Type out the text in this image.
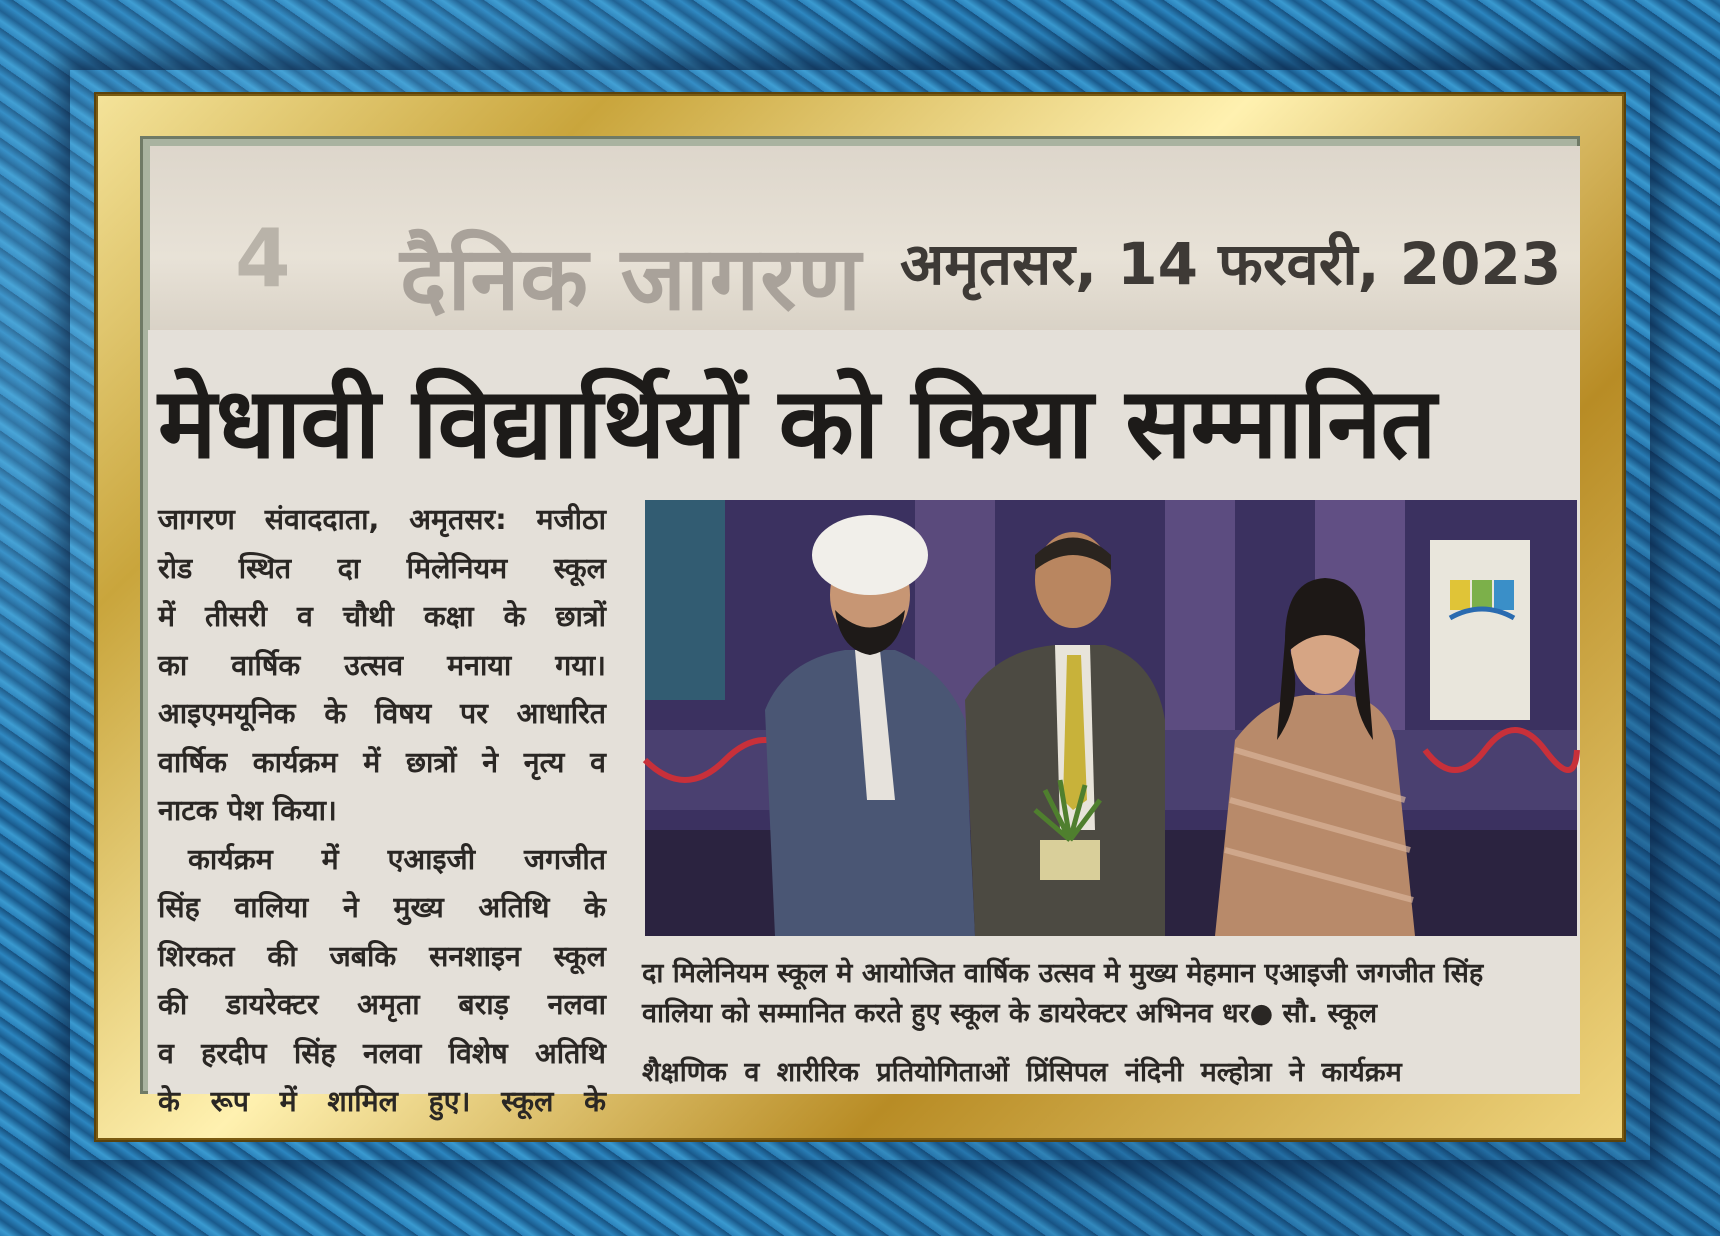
4 दैनिक जागरण अमृतसर, 14 फरवरी, 2023
मेधावी विद्यार्थियों को किया सम्मानित

जागरण संवाददाता, अमृतसर: मजीठा
रोड स्थित दा मिलेनियम स्कूल
में तीसरी व चौथी कक्षा के छात्रों
का वार्षिक उत्सव मनाया गया।
आइएमयूनिक के विषय पर आधारित
वार्षिक कार्यक्रम में छात्रों ने नृत्य व
नाटक पेश किया।

कार्यक्रम में एआइजी जगजीत
सिंह वालिया ने मुख्य अतिथि के
शिरकत की जबकि सनशाइन स्कूल
की डायरेक्टर अमृता बराड़ नलवा
व हरदीप सिंह नलवा विशेष अतिथि
के रूप में शामिल हुए। स्कूल के

दा मिलेनियम स्कूल मे आयोजित वार्षिक उत्सव मे मुख्य मेहमान एआइजी जगजीत सिंह
वालिया को सम्मानित करते हुए स्कूल के डायरेक्टर अभिनव धर● सौ. स्कूल
शैक्षणिक व शारीरिक प्रतियोगिताओं प्रिंसिपल नंदिनी मल्होत्रा ने कार्यक्रम
